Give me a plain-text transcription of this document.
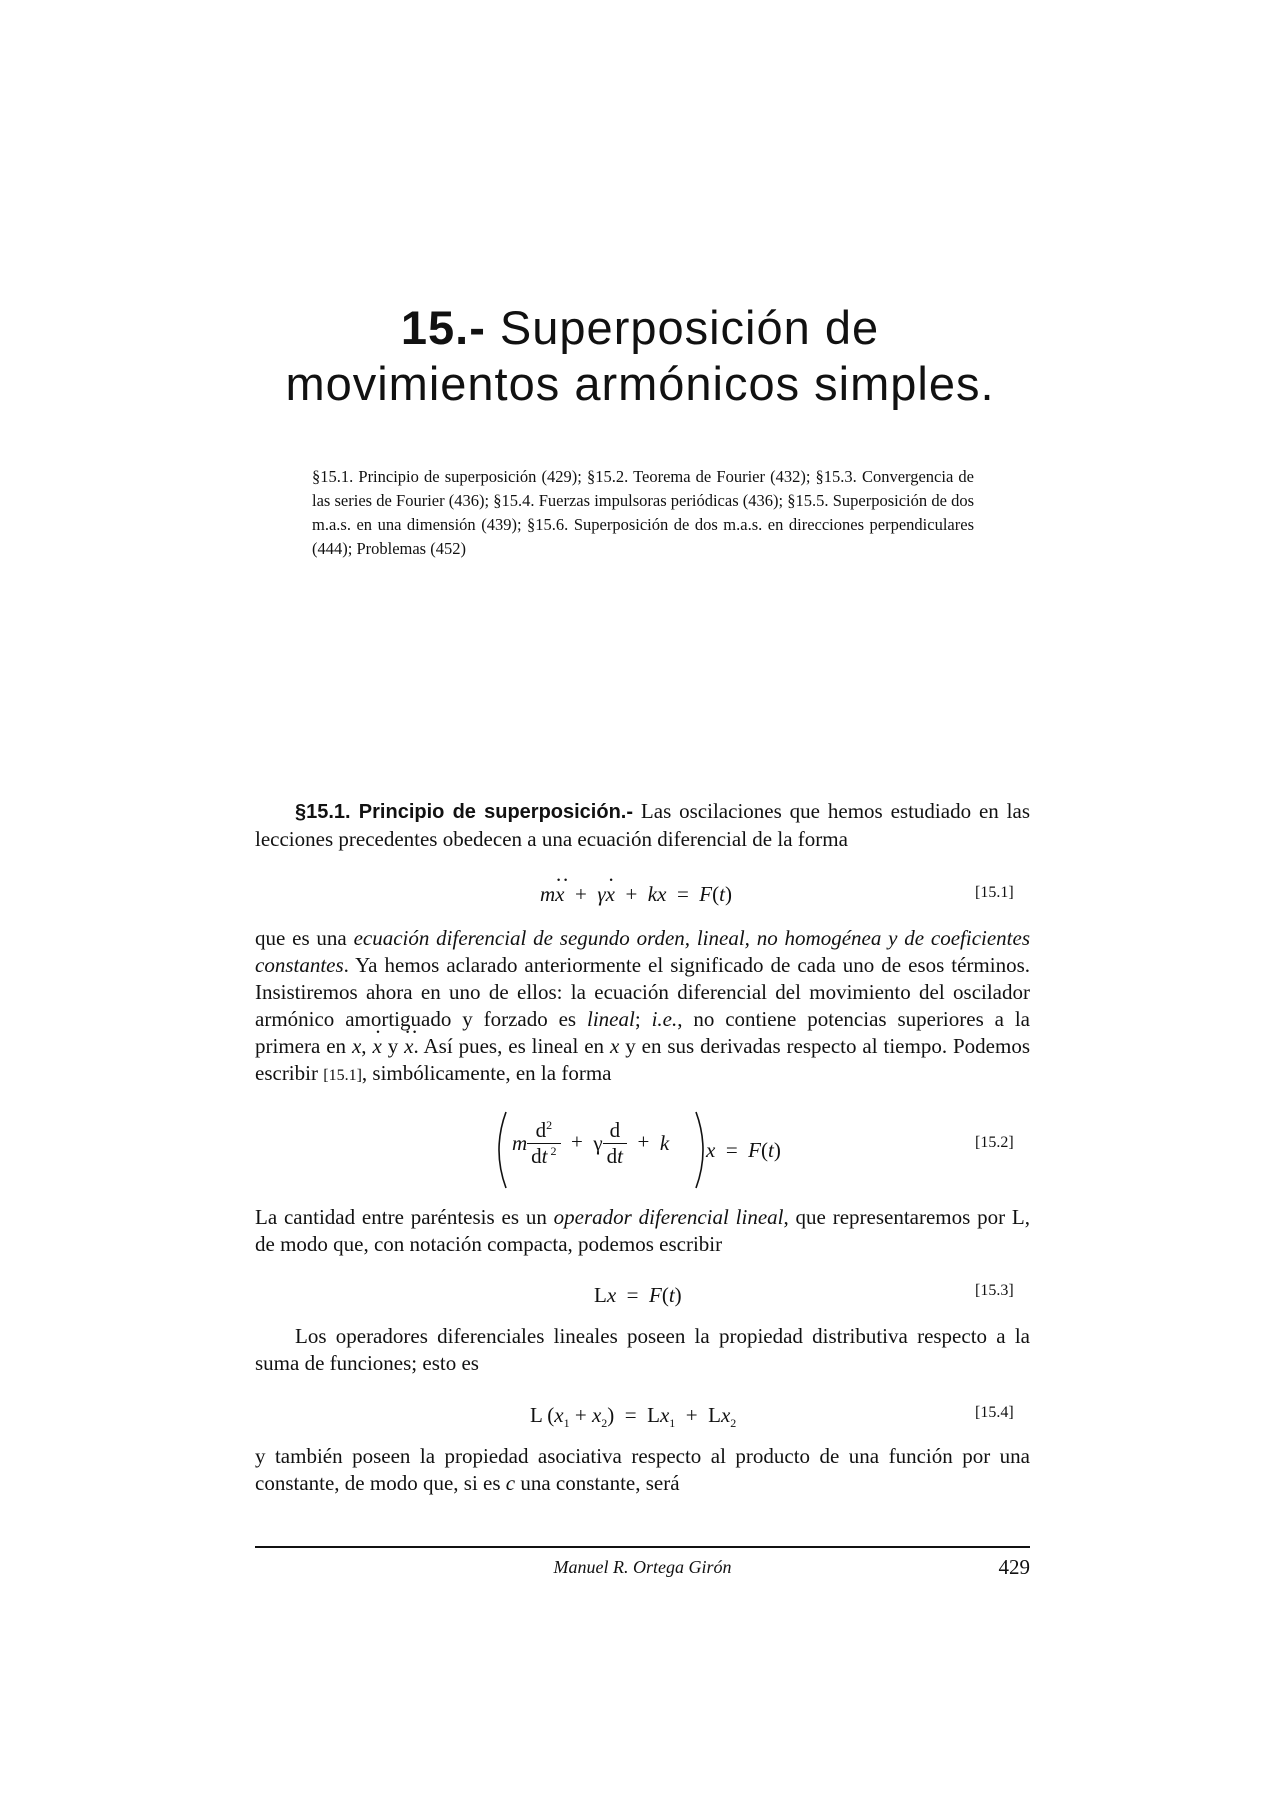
15.- Superposición de
movimientos armónicos simples.
§15.1. Principio de superposición (429); §15.2. Teorema de Fourier (432); §15.3. Convergencia de las series de Fourier (436); §15.4. Fuerzas impulsoras periódicas (436); §15.5. Superposición de dos m.a.s. en una dimensión (439); §15.6. Superposición de dos m.a.s. en direcciones perpendiculares (444); Problemas (452)

§15.1. Principio de superposición.- Las oscilaciones que hemos estudiado en las lecciones precedentes obedecen a una ecuación diferencial de la forma

mx ··  +  γx ·  +  kx  =  F(t)	[15.1]

que es una ecuación diferencial de segundo orden, lineal, no homogénea y de coeficientes constantes. Ya hemos aclarado anteriormente el significado de cada uno de esos términos. Insistiremos ahora en uno de ellos: la ecuación diferencial del movimiento del oscilador armónico amortiguado y forzado es lineal; i.e., no contiene potencias superiores a la primera en x, x · y x ··. Así pues, es lineal en x y en sus derivadas respecto al tiempo. Podemos escribir [15.1], simbólicamente, en la forma

m $\frac{d^2}{dt ^2} + \gamma \frac{d}{dt} + k$ x  =  F(t)	[15.2]

La cantidad entre paréntesis es un operador diferencial lineal, que representaremos por L, de modo que, con notación compacta, podemos escribir

Lx  =  F(t)	[15.3]

Los operadores diferenciales lineales poseen la propiedad distributiva respecto a la suma de funciones; esto es

L $(x_1 + x_2) = Lx_1 + Lx_2$
[15.4]

y también poseen la propiedad asociativa respecto al producto de una función por una constante, de modo que, si es c una constante, será

Manuel R. Ortega Girón	429
